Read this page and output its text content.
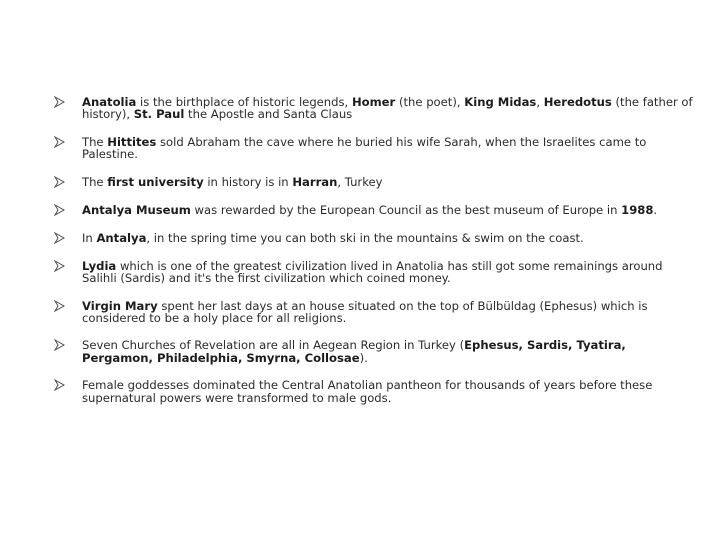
Anatolia is the birthplace of historic legends, Homer (the poet), King Midas, Heredotus (the father of history), St. Paul the Apostle and Santa Claus
The Hittites sold Abraham the cave where he buried his wife Sarah, when the Israelites came to Palestine.
The first university in history is in Harran, Turkey
Antalya Museum was rewarded by the European Council as the best museum of Europe in 1988.
In Antalya, in the spring time you can both ski in the mountains & swim on the coast.
Lydia which is one of the greatest civilization lived in Anatolia has still got some remainings around Salihli (Sardis) and it's the first civilization which coined money.
Virgin Mary spent her last days at an house situated on the top of Bülbüldag (Ephesus) which is considered to be a holy place for all religions.
Seven Churches of Revelation are all in Aegean Region in Turkey (Ephesus, Sardis, Tyatira, Pergamon, Philadelphia, Smyrna, Collosae).
Female goddesses dominated the Central Anatolian pantheon for thousands of years before these supernatural powers were transformed to male gods.
